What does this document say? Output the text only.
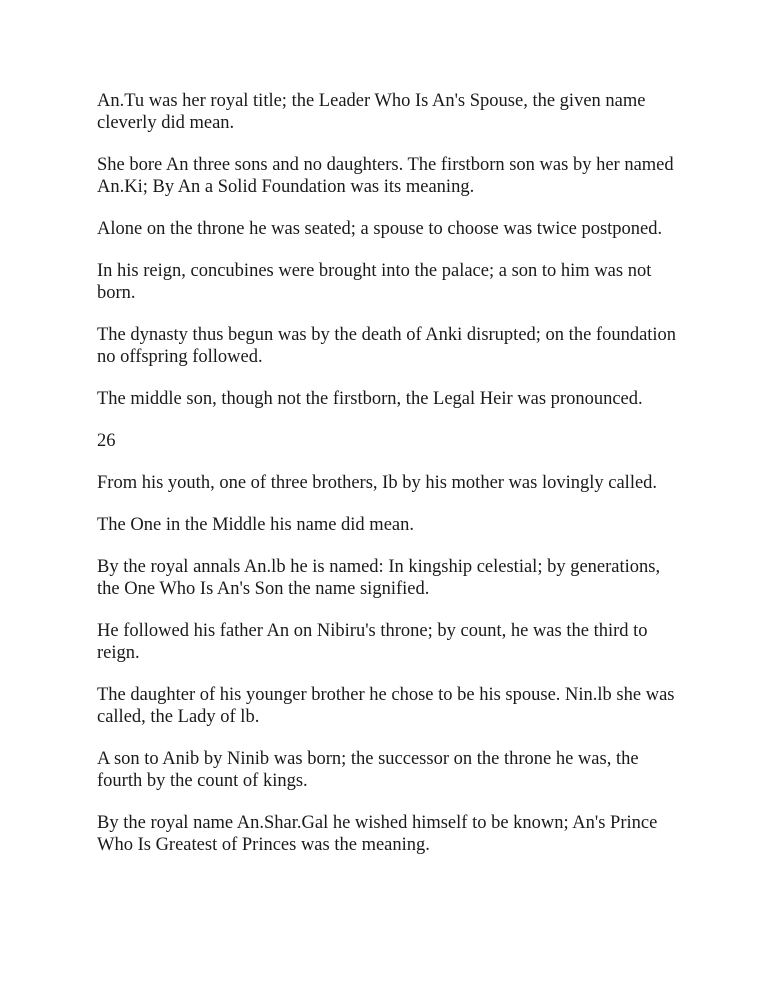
An.Tu was her royal title; the Leader Who Is An's Spouse, the given name cleverly did mean.

She bore An three sons and no daughters. The firstborn son was by her named An.Ki; By An a Solid Foundation was its meaning.

Alone on the throne he was seated; a spouse to choose was twice postponed.

In his reign, concubines were brought into the palace; a son to him was not born.

The dynasty thus begun was by the death of Anki disrupted; on the foundation no offspring followed.

The middle son, though not the firstborn, the Legal Heir was pronounced.

26

From his youth, one of three brothers, Ib by his mother was lovingly called.

The One in the Middle his name did mean.

By the royal annals An.lb he is named: In kingship celestial; by generations, the One Who Is An's Son the name signified.

He followed his father An on Nibiru's throne; by count, he was the third to reign.

The daughter of his younger brother he chose to be his spouse. Nin.lb she was called, the Lady of lb.

A son to Anib by Ninib was born; the successor on the throne he was, the fourth by the count of kings.

By the royal name An.Shar.Gal he wished himself to be known; An's Prince Who Is Greatest of Princes was the meaning.
